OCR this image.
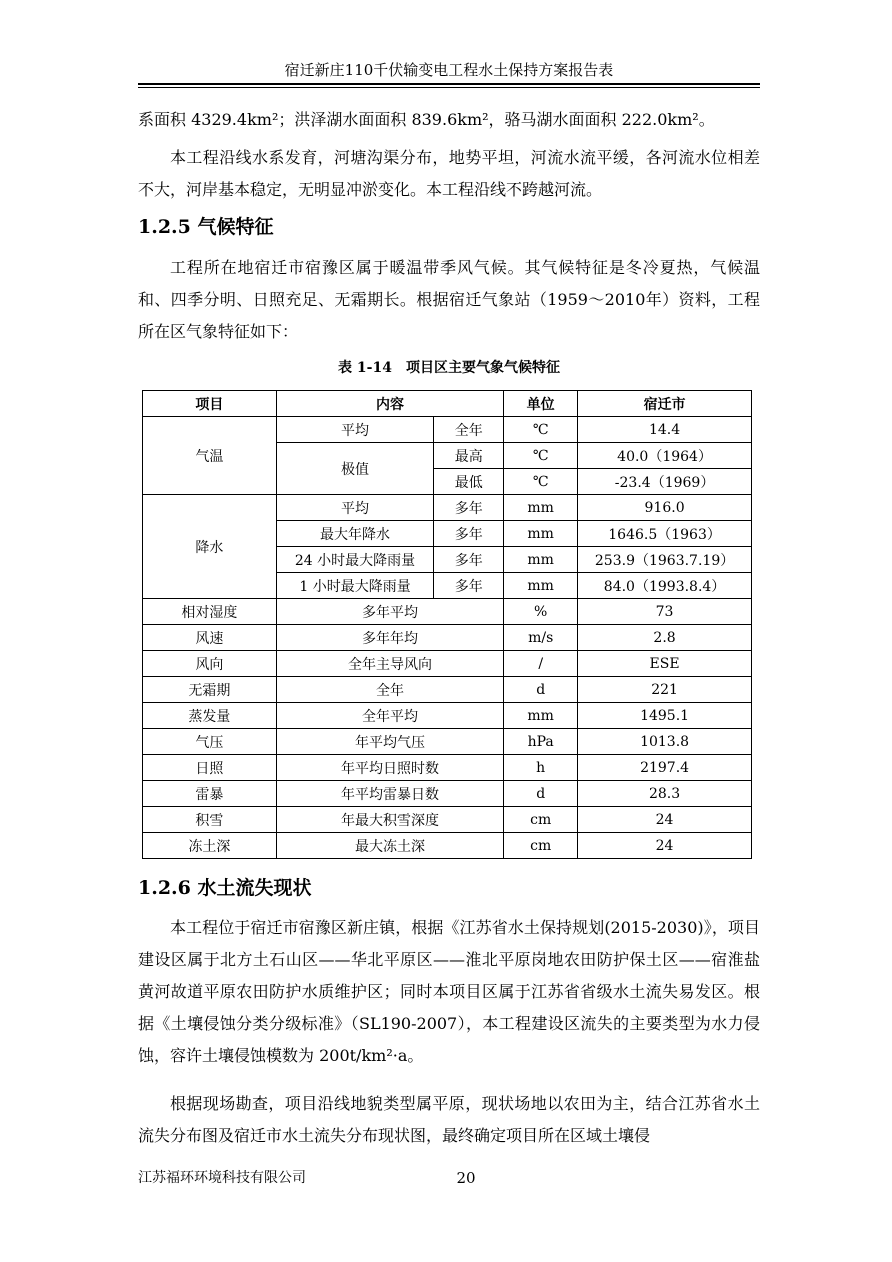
宿迁新庄110千伏输变电工程水土保持方案报告表

系面积 4329.4km²；洪泽湖水面面积 839.6km²，骆马湖水面面积 222.0km²。

本工程沿线水系发育，河塘沟渠分布，地势平坦，河流水流平缓，各河流水位相差不大，河岸基本稳定，无明显冲淤变化。本工程沿线不跨越河流。

1.2.5 气候特征

工程所在地宿迁市宿豫区属于暖温带季风气候。其气候特征是冬冷夏热，气候温和、四季分明、日照充足、无霜期长。根据宿迁气象站（1959～2010年）资料，工程所在区气象特征如下：

表 1-14　项目区主要气象气候特征
项目	内容		单位	宿迁市
气温	平均	全年	℃	14.4
	极值	最高	℃	40.0（1964）
		最低	℃	-23.4（1969）
降水	平均	多年	mm	916.0
	最大年降水	多年	mm	1646.5（1963）
	24 小时最大降雨量	多年	mm	253.9（1963.7.19）
	1 小时最大降雨量	多年	mm	84.0（1993.8.4）
相对湿度	多年平均		%	73
风速	多年年均		m/s	2.8
风向	全年主导风向		/	ESE
无霜期	全年		d	221
蒸发量	全年平均		mm	1495.1
气压	年平均气压		hPa	1013.8
日照	年平均日照时数		h	2197.4
雷暴	年平均雷暴日数		d	28.3
积雪	年最大积雪深度		cm	24
冻土深	最大冻土深		cm	24
1.2.6 水土流失现状

本工程位于宿迁市宿豫区新庄镇，根据《江苏省水土保持规划(2015-2030)》，项目建设区属于北方土石山区——华北平原区——淮北平原岗地农田防护保土区——宿淮盐黄河故道平原农田防护水质维护区；同时本项目区属于江苏省省级水土流失易发区。根据《土壤侵蚀分类分级标准》（SL190-2007），本工程建设区流失的主要类型为水力侵蚀，容许土壤侵蚀模数为 200t/km²·a。

根据现场勘查，项目沿线地貌类型属平原，现状场地以农田为主，结合江苏省水土流失分布图及宿迁市水土流失分布现状图，最终确定项目所在区域土壤侵

江苏福环环境科技有限公司	20
